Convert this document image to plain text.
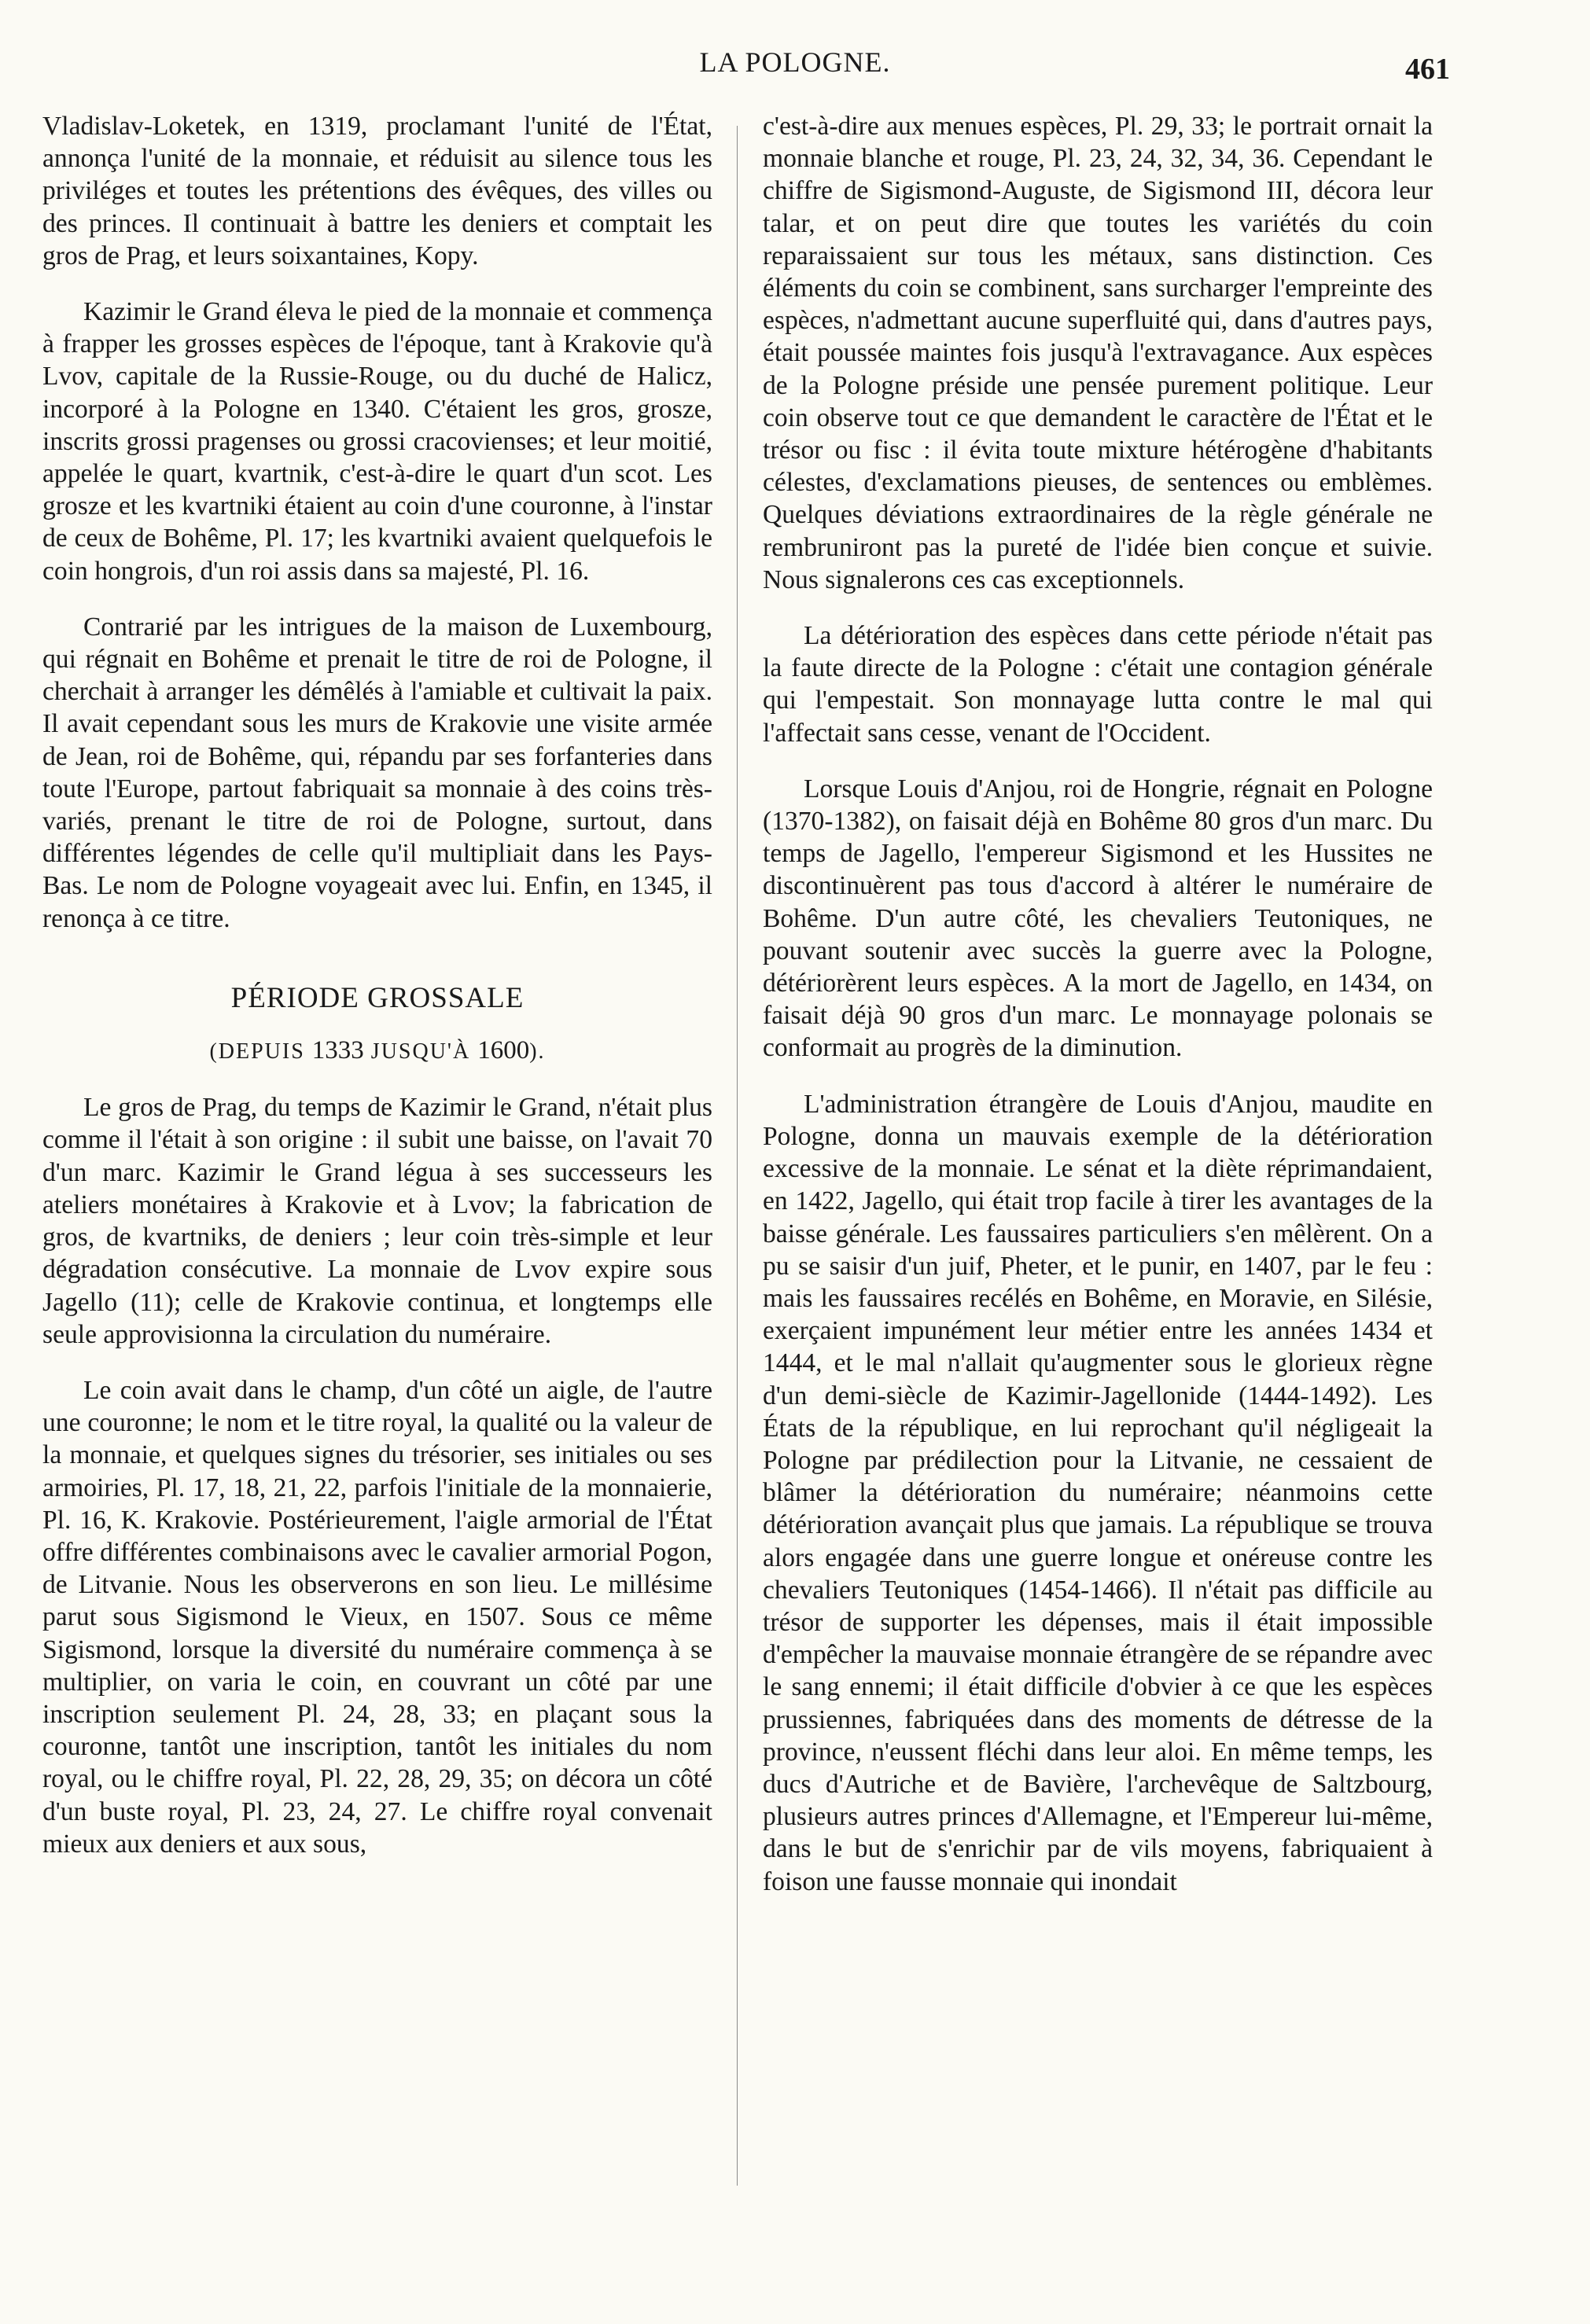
LA POLOGNE.	461

Vladislav-Loketek, en 1319, proclamant l'unité de l'État, annonça l'unité de la monnaie, et réduisit au silence tous les priviléges et toutes les prétentions des évêques, des villes ou des princes. Il continuait à battre les deniers et comptait les gros de Prag, et leurs soixantaines, Kopy.

Kazimir le Grand éleva le pied de la monnaie et commença à frapper les grosses espèces de l'époque, tant à Krakovie qu'à Lvov, capitale de la Russie-Rouge, ou du duché de Halicz, incorporé à la Pologne en 1340. C'étaient les gros, grosze, inscrits grossi pragenses ou grossi cracovienses; et leur moitié, appelée le quart, kvartnik, c'est-à-dire le quart d'un scot. Les grosze et les kvartniki étaient au coin d'une couronne, à l'instar de ceux de Bohême, Pl. 17; les kvartniki avaient quelquefois le coin hongrois, d'un roi assis dans sa majesté, Pl. 16.

Contrarié par les intrigues de la maison de Luxembourg, qui régnait en Bohême et prenait le titre de roi de Pologne, il cherchait à arranger les démêlés à l'amiable et cultivait la paix. Il avait cependant sous les murs de Krakovie une visite armée de Jean, roi de Bohême, qui, répandu par ses forfanteries dans toute l'Europe, partout fabriquait sa monnaie à des coins très-variés, prenant le titre de roi de Pologne, surtout, dans différentes légendes de celle qu'il multipliait dans les Pays-Bas. Le nom de Pologne voyageait avec lui. Enfin, en 1345, il renonça à ce titre.

PÉRIODE GROSSALE
(DEPUIS 1333 JUSQU'À 1600).

Le gros de Prag, du temps de Kazimir le Grand, n'était plus comme il l'était à son origine : il subit une baisse, on l'avait 70 d'un marc. Kazimir le Grand légua à ses successeurs les ateliers monétaires à Krakovie et à Lvov; la fabrication de gros, de kvartniks, de deniers ; leur coin très-simple et leur dégradation consécutive. La monnaie de Lvov expire sous Jagello (11); celle de Krakovie continua, et longtemps elle seule approvisionna la circulation du numéraire.

Le coin avait dans le champ, d'un côté un aigle, de l'autre une couronne; le nom et le titre royal, la qualité ou la valeur de la monnaie, et quelques signes du trésorier, ses initiales ou ses armoiries, Pl. 17, 18, 21, 22, parfois l'initiale de la monnaierie, Pl. 16, K. Krakovie. Postérieurement, l'aigle armorial de l'État offre différentes combinaisons avec le cavalier armorial Pogon, de Litvanie. Nous les observerons en son lieu. Le millésime parut sous Sigismond le Vieux, en 1507. Sous ce même Sigismond, lorsque la diversité du numéraire commença à se multiplier, on varia le coin, en couvrant un côté par une inscription seulement Pl. 24, 28, 33; en plaçant sous la couronne, tantôt une inscription, tantôt les initiales du nom royal, ou le chiffre royal, Pl. 22, 28, 29, 35; on décora un côté d'un buste royal, Pl. 23, 24, 27. Le chiffre royal convenait mieux aux deniers et aux sous,

c'est-à-dire aux menues espèces, Pl. 29, 33; le portrait ornait la monnaie blanche et rouge, Pl. 23, 24, 32, 34, 36. Cependant le chiffre de Sigismond-Auguste, de Sigismond III, décora leur talar, et on peut dire que toutes les variétés du coin reparaissaient sur tous les métaux, sans distinction. Ces éléments du coin se combinent, sans surcharger l'empreinte des espèces, n'admettant aucune superfluité qui, dans d'autres pays, était poussée maintes fois jusqu'à l'extravagance. Aux espèces de la Pologne préside une pensée purement politique. Leur coin observe tout ce que demandent le caractère de l'État et le trésor ou fisc : il évita toute mixture hétérogène d'habitants célestes, d'exclamations pieuses, de sentences ou emblèmes. Quelques déviations extraordinaires de la règle générale ne rembruniront pas la pureté de l'idée bien conçue et suivie. Nous signalerons ces cas exceptionnels.

La détérioration des espèces dans cette période n'était pas la faute directe de la Pologne : c'était une contagion générale qui l'empestait. Son monnayage lutta contre le mal qui l'affectait sans cesse, venant de l'Occident.

Lorsque Louis d'Anjou, roi de Hongrie, régnait en Pologne (1370-1382), on faisait déjà en Bohême 80 gros d'un marc. Du temps de Jagello, l'empereur Sigismond et les Hussites ne discontinuèrent pas tous d'accord à altérer le numéraire de Bohême. D'un autre côté, les chevaliers Teutoniques, ne pouvant soutenir avec succès la guerre avec la Pologne, détériorèrent leurs espèces. A la mort de Jagello, en 1434, on faisait déjà 90 gros d'un marc. Le monnayage polonais se conformait au progrès de la diminution.

L'administration étrangère de Louis d'Anjou, maudite en Pologne, donna un mauvais exemple de la détérioration excessive de la monnaie. Le sénat et la diète réprimandaient, en 1422, Jagello, qui était trop facile à tirer les avantages de la baisse générale. Les faussaires particuliers s'en mêlèrent. On a pu se saisir d'un juif, Pheter, et le punir, en 1407, par le feu : mais les faussaires recélés en Bohême, en Moravie, en Silésie, exerçaient impunément leur métier entre les années 1434 et 1444, et le mal n'allait qu'augmenter sous le glorieux règne d'un demi-siècle de Kazimir-Jagellonide (1444-1492). Les États de la république, en lui reprochant qu'il négligeait la Pologne par prédilection pour la Litvanie, ne cessaient de blâmer la détérioration du numéraire; néanmoins cette détérioration avançait plus que jamais. La république se trouva alors engagée dans une guerre longue et onéreuse contre les chevaliers Teutoniques (1454-1466). Il n'était pas difficile au trésor de supporter les dépenses, mais il était impossible d'empêcher la mauvaise monnaie étrangère de se répandre avec le sang ennemi; il était difficile d'obvier à ce que les espèces prussiennes, fabriquées dans des moments de détresse de la province, n'eussent fléchi dans leur aloi. En même temps, les ducs d'Autriche et de Bavière, l'archevêque de Saltzbourg, plusieurs autres princes d'Allemagne, et l'Empereur lui-même, dans le but de s'enrichir par de vils moyens, fabriquaient à foison une fausse monnaie qui inondait
